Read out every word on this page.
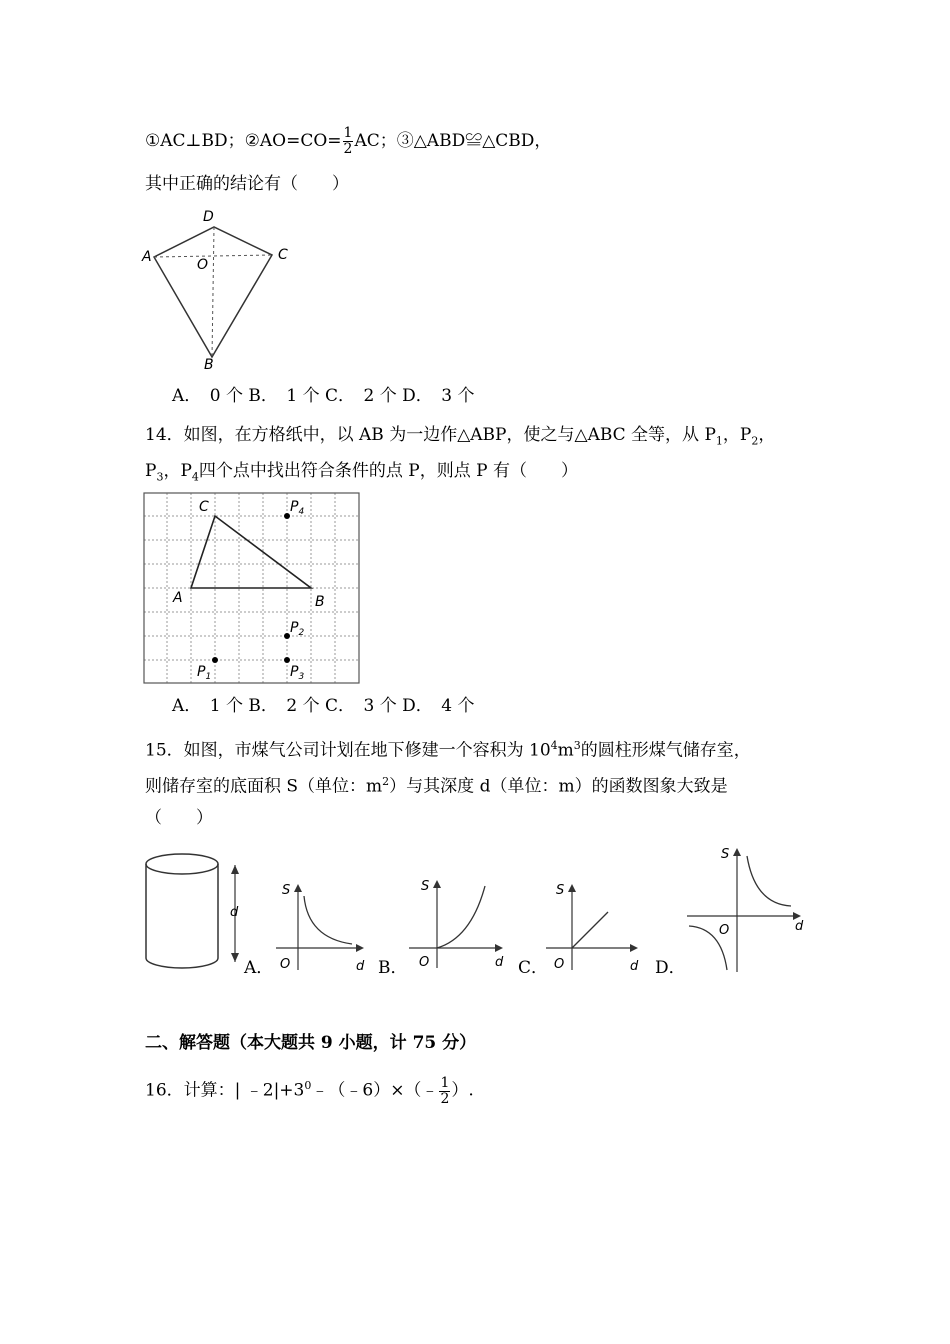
①AC⊥BD；②AO=CO= $\frac{1}{2}$ AC；③△ABD≌△CBD，
其中正确的结论有（　　）
D
A	O
C
B
A．　0 个 B．　1 个 C．　2 个 D．　3 个
14．如图，在方格纸中，以 AB 为一边作△ABP，使之与△ABC 全等，从 $P_1$，$P_2$，
$P_3$，$P_4$四个点中找出符合条件的点 P，则点 P 有（　　）
C
A	B
$P_4$
$P_2$
$P_3$
$P_1$
A．　1 个 B．　2 个 C．　3 个 D．　4 个
15．如图，市煤气公司计划在地下修建一个容积为 $10^4m^3$的圆柱形煤气储存室，
则储存室的底面积 S（单位：$m^2$）与其深度 d（单位：m）的函数图象大致是
（　　）
d
A．
S
O	d B．
S
O	d C．
S
O	d D．
S
O	d
二、解答题（本大题共 9 小题，计 75 分）
16．计算：| $﹣2|+3^0﹣(﹣6)\times(﹣ \frac{1}{2}$ ）.
